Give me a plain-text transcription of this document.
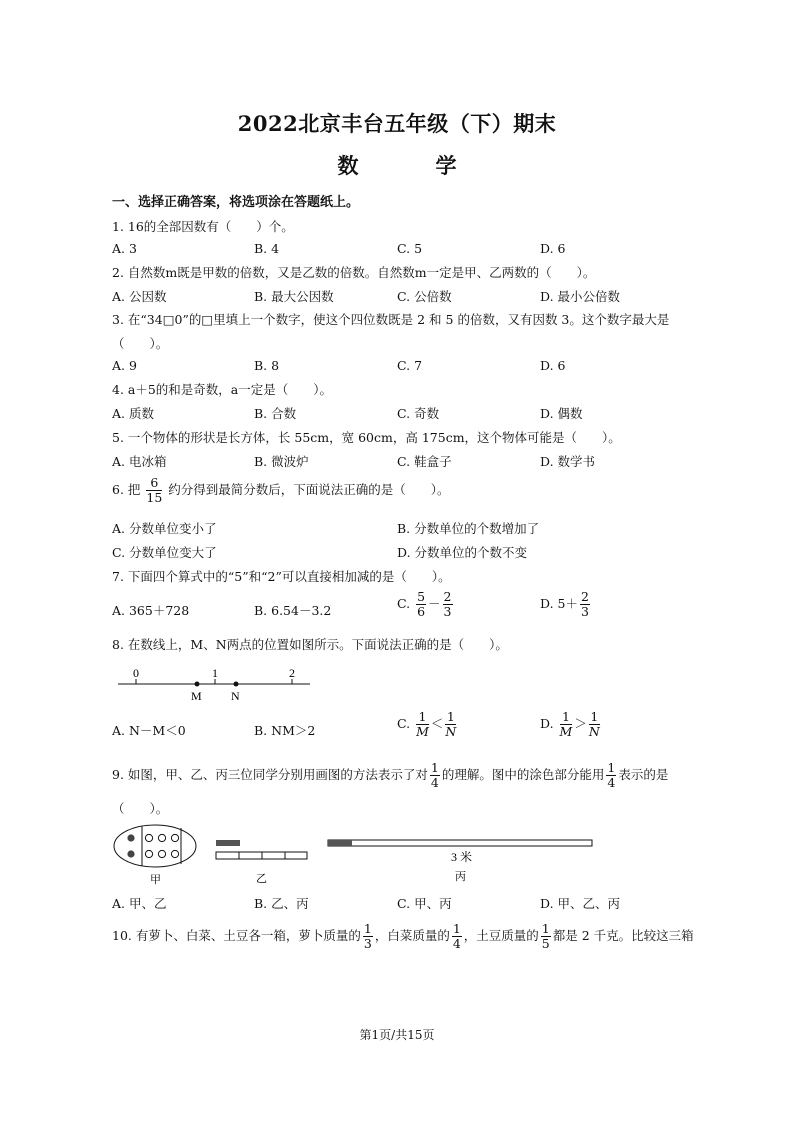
2022北京丰台五年级（下）期末
数　学
一、选择正确答案，将选项涂在答题纸上。
1. 16的全部因数有（　　）个。
A. 3	B. 4	C. 5	D. 6
2. 自然数m既是甲数的倍数，又是乙数的倍数。自然数m一定是甲、乙两数的（　　）。
A. 公因数	B. 最大公因数	C. 公倍数	D. 最小公倍数
3. 在“34□0”的□里填上一个数字，使这个四位数既是 2 和 5 的倍数，又有因数 3。这个数字最大是
（　　）。
A. 9	B. 8	C. 7	D. 6
4. a＋5的和是奇数，a一定是（　　）。
A. 质数	B. 合数	C. 奇数	D. 偶数
5. 一个物体的形状是长方体，长 55cm，宽 60cm，高 175cm，这个物体可能是（　　）。
A. 电冰箱	B. 微波炉	C. 鞋盒子	D. 数学书
6. 把 $\frac{6}{15}$ 约分得到最简分数后，下面说法正确的是（　　）。
A. 分数单位变小了	B. 分数单位的个数增加了
C. 分数单位变大了	D. 分数单位的个数不变
7. 下面四个算式中的“5”和“2”可以直接相加减的是（　　）。
A. 365＋728	B. 6.54－3.2	C. $\frac{5}{6} - \frac{2}{3}$	D. $5+ \frac{2}{3}$
8. 在数线上，M、N两点的位置如图所示。下面说法正确的是（　　）。
0	1	2
M N
3 米
甲	乙	丙
A. N－M＜0	B. NM＞2	C. $\frac{1}{M} < \frac{1}{N}$	D. $\frac{1}{M} > \frac{1}{N}$
9. 如图，甲、乙、丙三位同学分别用画图的方法表示了对 $\frac{1}{4}$ 的理解。图中的涂色部分能用 $\frac{1}{4}$ 表示的是
（　　）。
A. 甲、乙	B. 乙、丙	C. 甲、丙	D. 甲、乙、丙
10. 有萝卜、白菜、土豆各一箱，萝卜质量的 $\frac{1}{3}$ ，白菜质量的 $\frac{1}{4}$ ，土豆质量的 $\frac{1}{5}$ 都是 2 千克。比较这三箱
第1页/共15页
